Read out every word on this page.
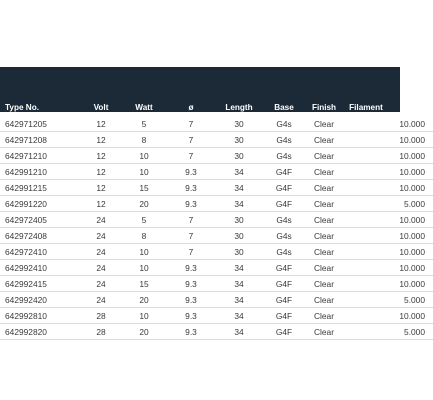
Type No.	Volt	Watt	ø	Length	Base	Finish	Filament	Life
642971205	12	5	7	30	G4s	Clear		10.000
642971208	12	8	7	30	G4s	Clear		10.000
642971210	12	10	7	30	G4s	Clear		10.000
642991210	12	10	9.3	34	G4F	Clear		10.000
642991215	12	15	9.3	34	G4F	Clear		10.000
642991220	12	20	9.3	34	G4F	Clear		5.000
642972405	24	5	7	30	G4s	Clear		10.000
642972408	24	8	7	30	G4s	Clear		10.000
642972410	24	10	7	30	G4s	Clear		10.000
642992410	24	10	9.3	34	G4F	Clear		10.000
642992415	24	15	9.3	34	G4F	Clear		10.000
642992420	24	20	9.3	34	G4F	Clear		5.000
642992810	28	10	9.3	34	G4F	Clear		10.000
642992820	28	20	9.3	34	G4F	Clear		5.000
